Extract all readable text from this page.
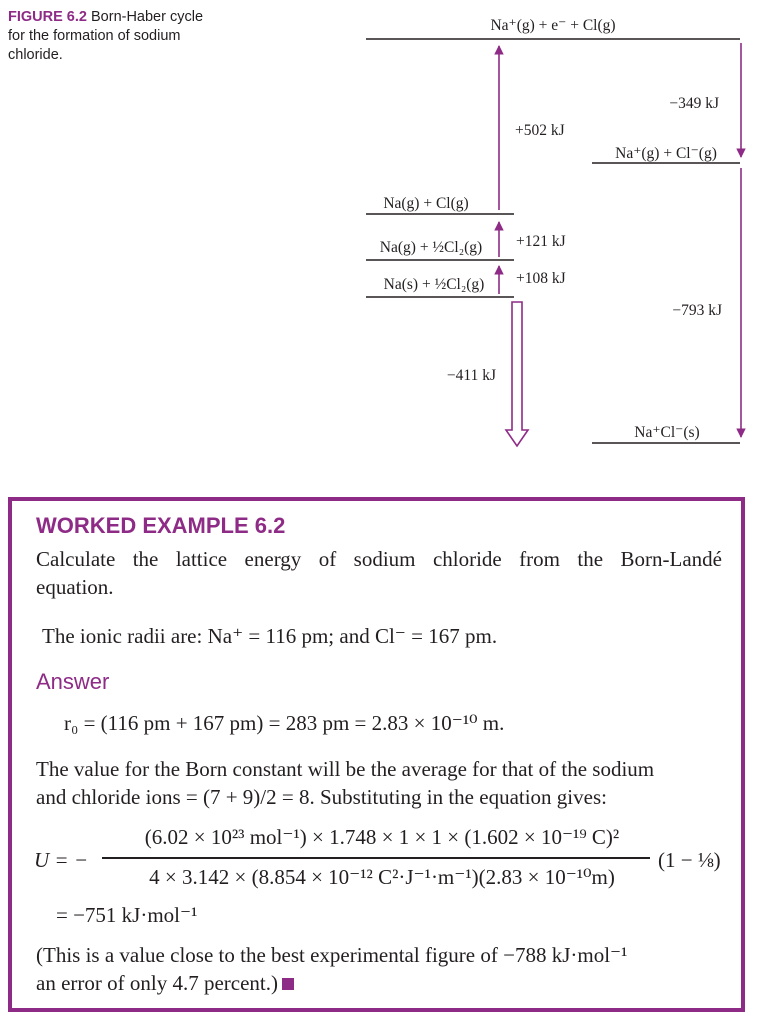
FIGURE 6.2 Born-Haber cycle
for the formation of sodium
chloride.
Na⁺(g) + e⁻ + Cl(g)
Na⁺(g) + Cl⁻(g)
Na(g) + Cl(g)
Na(g) + ½Cl₂(g)
Na(s) + ½Cl₂(g)
Na⁺Cl⁻(s)
+502 kJ
−349 kJ
+121 kJ
+108 kJ
−793 kJ
−411 kJ
WORKED EXAMPLE 6.2
Calculate the lattice energy of sodium chloride from the Born-Landé
equation.
The ionic radii are: Na⁺ = 116 pm; and Cl⁻ = 167 pm.
Answer
r₀ = (116 pm + 167 pm) = 283 pm = 2.83 × 10⁻¹⁰ m.
The value for the Born constant will be the average for that of the sodium
and chloride ions = (7 + 9)/2 = 8. Substituting in the equation gives:
U = −
(6.02 × 10²³ mol⁻¹) × 1.748 × 1 × 1 × (1.602 × 10⁻¹⁹ C)²
4 × 3.142 × (8.854 × 10⁻¹² C²·J⁻¹·m⁻¹)(2.83 × 10⁻¹⁰m)
(1 − ⅛)
= −751 kJ·mol⁻¹
(This is a value close to the best experimental figure of −788 kJ·mol⁻¹
an error of only 4.7 percent.)
